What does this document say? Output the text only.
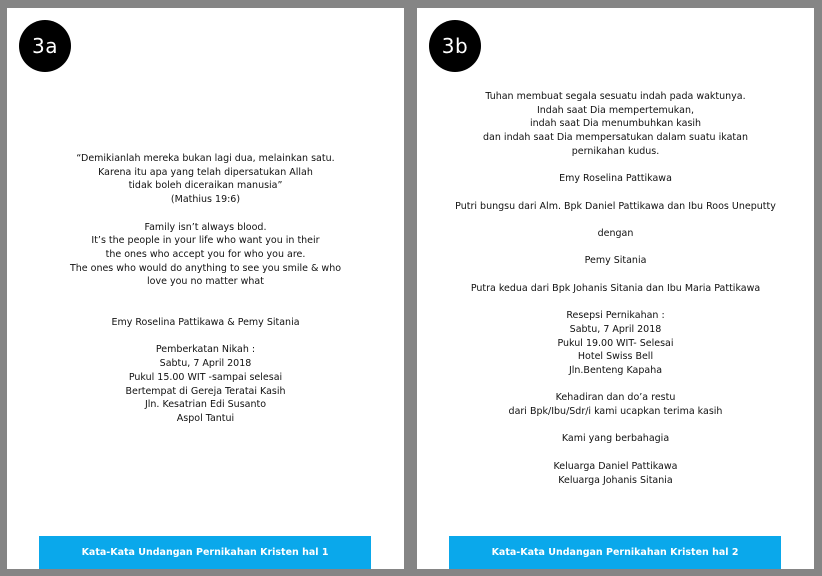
3a
“Demikianlah mereka bukan lagi dua, melainkan satu.
Karena itu apa yang telah dipersatukan Allah
tidak boleh diceraikan manusia”
(Mathius 19:6)
Family isn’t always blood.
It’s the people in your life who want you in their
the ones who accept you for who you are.
The ones who would do anything to see you smile & who
love you no matter what
Emy Roselina Pattikawa & Pemy Sitania
Pemberkatan Nikah :
Sabtu, 7 April 2018
Pukul 15.00 WIT -sampai selesai
Bertempat di Gereja Teratai Kasih
Jln. Kesatrian Edi Susanto
Aspol Tantui
Kata-Kata Undangan Pernikahan Kristen hal 1
3b
Tuhan membuat segala sesuatu indah pada waktunya.
Indah saat Dia mempertemukan,
indah saat Dia menumbuhkan kasih
dan indah saat Dia mempersatukan dalam suatu ikatan
pernikahan kudus.
Emy Roselina Pattikawa
Putri bungsu dari Alm. Bpk Daniel Pattikawa dan Ibu Roos Uneputty
dengan
Pemy Sitania
Putra kedua dari Bpk Johanis Sitania dan Ibu Maria Pattikawa
Resepsi Pernikahan :
Sabtu, 7 April 2018
Pukul 19.00 WIT- Selesai
Hotel Swiss Bell
Jln.Benteng Kapaha
Kehadiran dan do’a restu
dari Bpk/Ibu/Sdr/i kami ucapkan terima kasih
Kami yang berbahagia
Keluarga Daniel Pattikawa
Keluarga Johanis Sitania
Kata-Kata Undangan Pernikahan Kristen hal 2
